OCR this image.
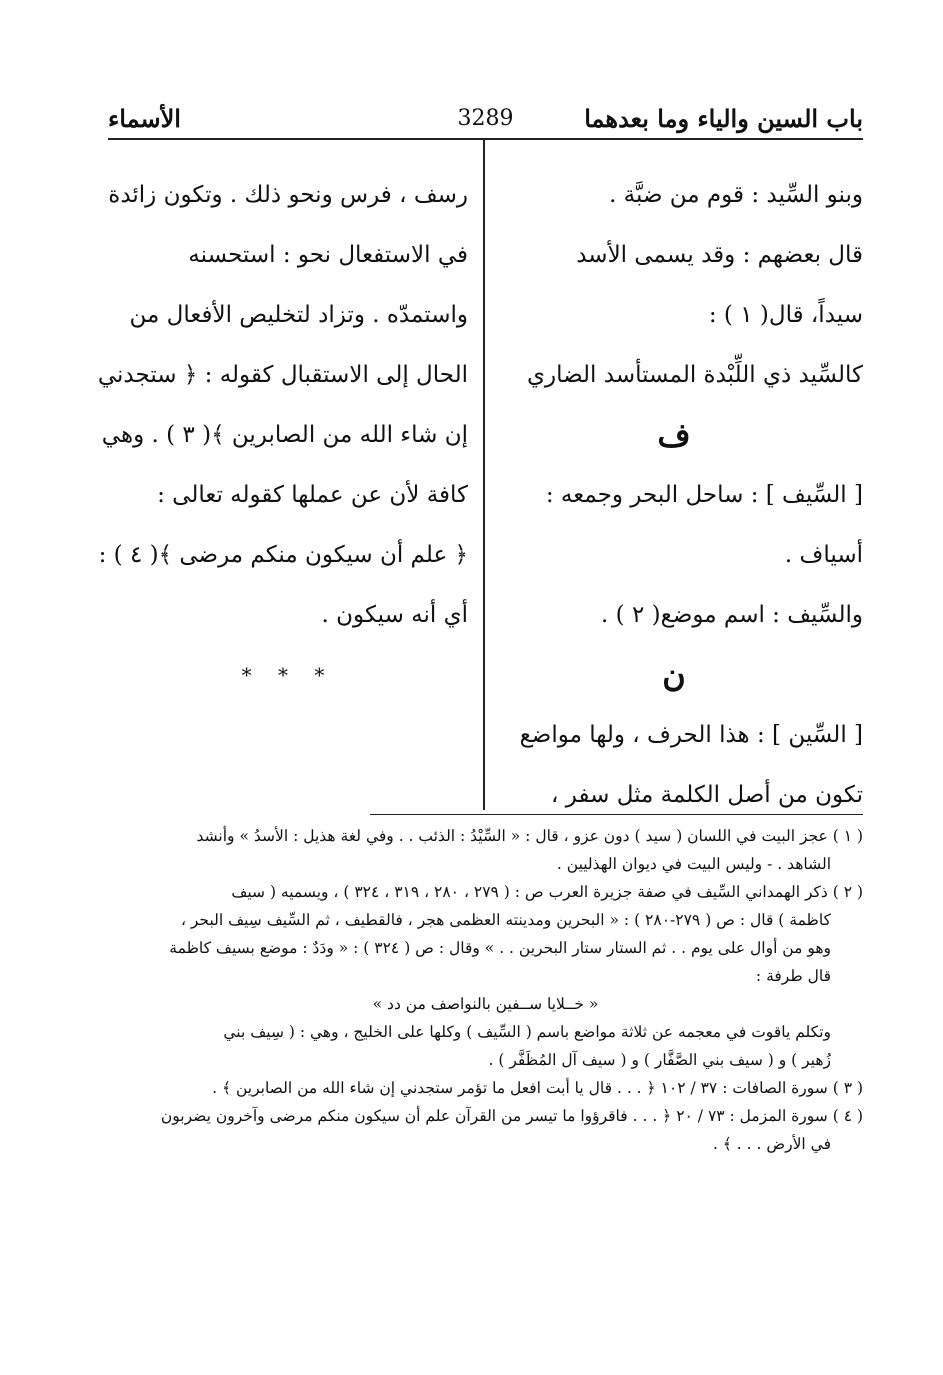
باب السين والياء وما بعدهما
3289
الأسماء
وبنو السِّيد : قوم من ضبَّة .
قال بعضهم : وقد يسمى الأسد
سيداً، قال( ١ ) :
كالسِّيد ذي اللِّبْدة المستأسد الضاري
ف
[ السِّيف ] : ساحل البحر وجمعه :
أسياف .
والسِّيف : اسم موضع( ٢ ) .
ن
[ السِّين ] : هذا الحرف ، ولها مواضع
تكون من أصل الكلمة مثل سفر ،
رسف ، فرس ونحو ذلك . وتكون زائدة
في الاستفعال نحو : استحسنه
واستمدّه . وتزاد لتخليص الأفعال من
الحال إلى الاستقبال كقوله : ﴿ ستجدني
إن شاء الله من الصابرين ﴾( ٣ ) . وهي
كافة لأن عن عملها كقوله تعالى :
﴿ علم أن سيكون منكم مرضى ﴾( ٤ ) :
أي أنه سيكون .
* * *
( ١ ) عجز البيت في اللسان ( سيد ) دون عزو ، قال : « السِّيْدُ : الذئب . . وفي لغة هذيل : الأسدُ » وأنشد
الشاهد . - وليس البيت في ديوان الهذليين .
( ٢ ) ذكر الهمداني السِّيف في صفة جزيرة العرب ص : ( ٢٧٩ ، ٢٨٠ ، ٣١٩ ، ٣٢٤ ) ، ويسميه ( سيف
كاظمة ) قال : ص ( ٢٧٩-٢٨٠ ) : « البحرين ومدينته العظمى هجر ، فالقطيف ، ثم السِّيف سِيف البحر ،
وهو من أوال على يوم . . ثم الستار ستار البحرين . . » وقال : ص ( ٣٢٤ ) : « ودَدٌ : موضع بسيف كاظمة
قال طرفة :
« خــلايا ســفين بالنواصف من دد »
وتكلم ياقوت في معجمه عن ثلاثة مواضع باسم ( السِّيف ) وكلها على الخليج ، وهي : ( سِيف بني
زُهير ) و ( سيف بني الصَّفَّار ) و ( سيف آل المُظَفَّر ) .
( ٣ ) سورة الصافات : ٣٧ / ١٠٢ ﴿ . . . قال يا أبت افعل ما تؤمر ستجدني إن شاء الله من الصابرين ﴾ .
( ٤ ) سورة المزمل : ٧٣ / ٢٠ ﴿ . . . فاقرؤوا ما تيسر من القرآن علم أن سيكون منكم مرضى وآخرون يضربون
في الأرض . . . ﴾ .
